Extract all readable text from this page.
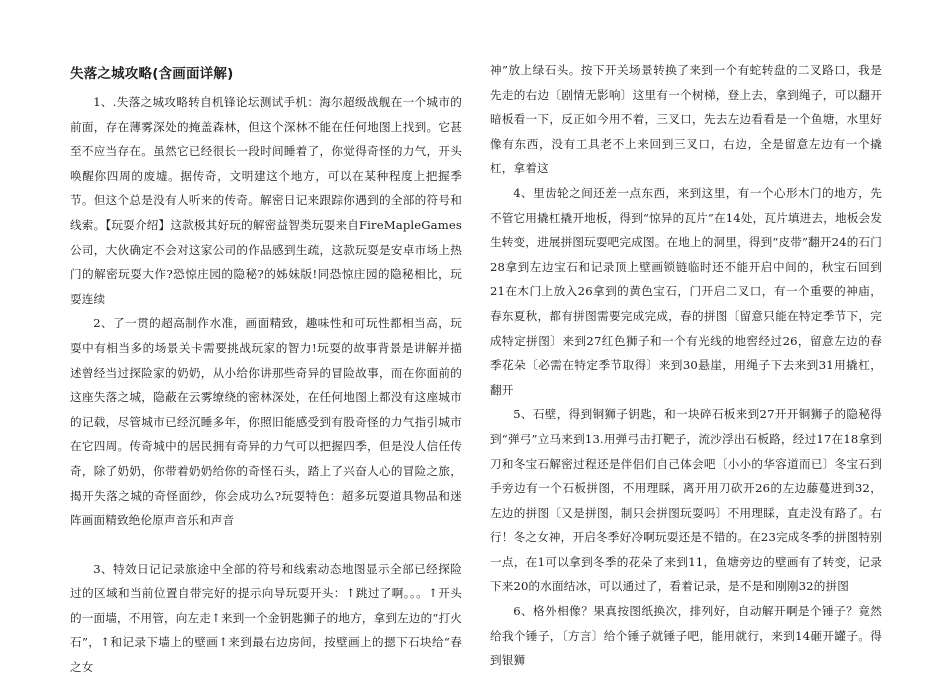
失落之城攻略(含画面详解)

1、.失落之城攻略转自机锋论坛测试手机：海尔超级战舰在一个城市的前面，存在薄雾深处的掩盖森林，但这个深林不能在任何地图上找到。它甚至不应当存在。虽然它已经很长一段时间睡着了，你觉得奇怪的力气，开头唤醒你四周的废墟。据传奇，文明建这个地方，可以在某种程度上把握季节。但这个总是没有人听来的传奇。解密日记来跟踪你遇到的全部的符号和线索。【玩耍介绍】这款极其好玩的解密益智类玩耍来自FireMapleGames公司，大伙确定不会对这家公司的作品感到生疏，这款玩耍是安卓市场上热门的解密玩耍大作?恐惊庄园的隐秘?的姊妹版!同恐惊庄园的隐秘相比，玩耍连续

2、了一贯的超高制作水准，画面精致，趣味性和可玩性都相当高，玩耍中有相当多的场景关卡需要挑战玩家的智力!玩耍的故事背景是讲解并描述曾经当过探险家的奶奶，从小给你讲那些奇异的冒险故事，而在你面前的这座失落之城，隐蔽在云雾缭绕的密林深处，在任何地图上都没有这座城市的记载，尽管城市已经沉睡多年，你照旧能感受到有股奇怪的力气指引城市在它四周。传奇城中的居民拥有奇异的力气可以把握四季，但是没人信任传奇，除了奶奶，你带着奶奶给你的奇怪石头，踏上了兴奋人心的冒险之旅，揭开失落之城的奇怪面纱，你会成功么?玩耍特色：超多玩耍道具物品和迷阵画面精致绝伦原声音乐和声音

3、特效日记记录旅途中全部的符号和线索动态地图显示全部已经探险过的区域和当前位置自带完好的提示向导玩耍开头：↑跳过了啊。。。↑开头的一面墙，不用管，向左走↑来到一个金钥匙狮子的地方，拿到左边的“打火石”，↑和记录下墙上的壁画↑来到最右边房间，按壁画上的摁下石块给“春之女

神”放上绿石头。按下开关场景转换了来到一个有蛇转盘的二叉路口，我是先走的右边〔剧情无影响〕这里有一个树梯，登上去，拿到绳子，可以翻开暗板看一下，反正如今用不着，三叉口，先去左边看看是一个鱼塘，水里好像有东西，没有工具老不上来回到三叉口，右边，全是留意左边有一个撬杠，拿着这

4、里齿轮之间还差一点东西，来到这里，有一个心形木门的地方，先不管它用撬杠撬开地板，得到“惊异的瓦片”在14处，瓦片填进去，地板会发生转变，进展拼图玩耍吧完成图。在地上的洞里，得到“皮带”翻开24的石门28拿到左边宝石和记录顶上壁画锁链临时还不能开启中间的，秋宝石回到21在木门上放入26拿到的黄色宝石，门开启二叉口，有一个重要的神庙，春东夏秋，都有拼图需要完成完成，春的拼图〔留意只能在特定季节下，完成特定拼图〕来到27红色狮子和一个有光线的地窖经过26，留意左边的春季花朵〔必需在特定季节取得〕来到30悬崖，用绳子下去来到31用撬杠，翻开

5、石壁，得到铜狮子钥匙，和一块碎石板来到27开开铜狮子的隐秘得到“弹弓”立马来到13.用弹弓击打靶子，流沙浮出石板路，经过17在18拿到刀和冬宝石解密过程还是伴侣们自己体会吧〔小小的华容道而已〕冬宝石到手旁边有一个石板拼图，不用理睬，离开用刀砍开26的左边藤蔓进到32，左边的拼图〔又是拼图，制只会拼图玩耍吗〕不用理睬，直走没有路了。右行！冬之女神，开启冬季好冷啊玩耍还是不错的。在23完成冬季的拼图特别一点，在1可以拿到冬季的花朵了来到11，鱼塘旁边的壁画有了转变，记录下来20的水面结冰，可以通过了，看着记录，是不是和刚刚32的拼图

6、格外相像？果真按图纸换次，排列好，自动解开啊是个锤子？竟然给我个锤子，〔方言〕给个锤子就锤子吧，能用就行，来到14砸开罐子。得到银狮
